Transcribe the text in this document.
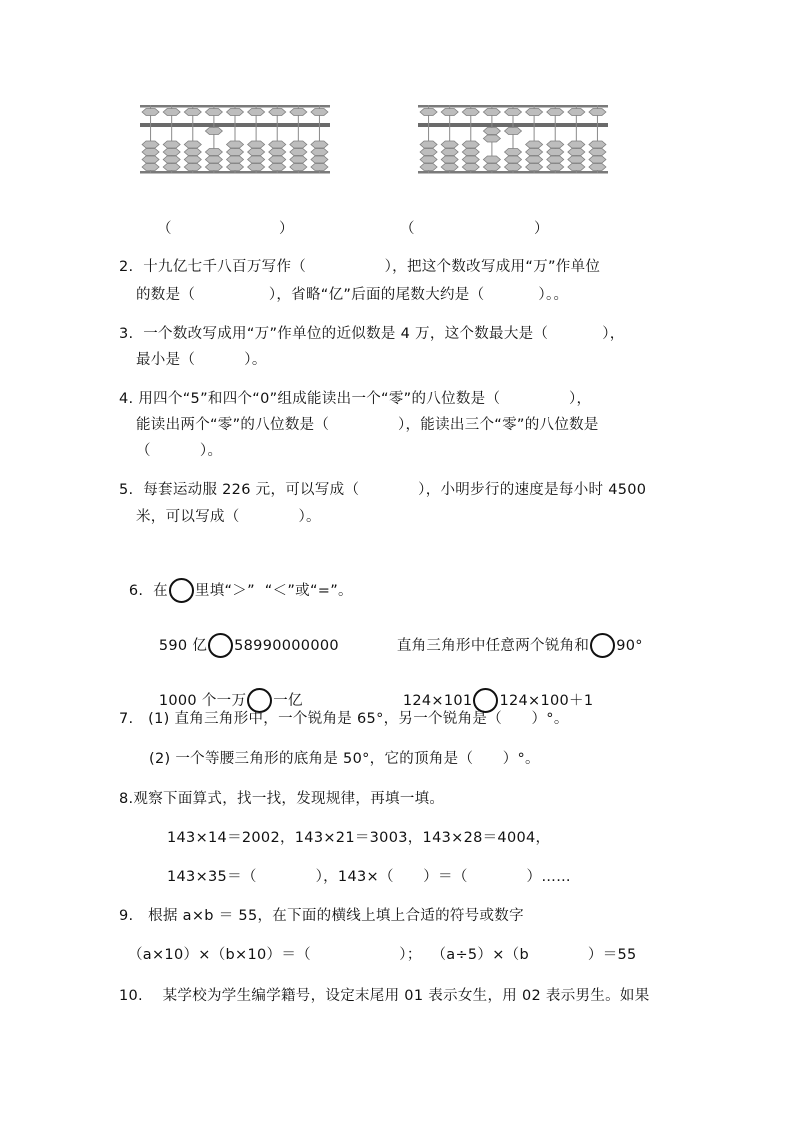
（	）	（	）
2.  十九亿七千八百万写作（                ），把这个数改写成用“万”作单位
的数是（               ），省略“亿”后面的尾数大约是（           ）。。
3.  一个数改写成用“万”作单位的近似数是 4 万，这个数最大是（           ），
最小是（          ）。
4. 用四个“5”和四个“0”组成能读出一个“零”的八位数是（              ），
能读出两个“零”的八位数是（              ），能读出三个“零”的八位数是
（          ）。
5.  每套运动服 226 元，可以写成（            ），小明步行的速度是每小时 4500
米，可以写成（            ）。

6.  在 里填“＞”  “＜”或“=”。

590 亿 58990000000	直角三角形中任意两个锐角和 90°

1000 个一万 一亿	124×101 124×100＋1

7.   (1) 直角三角形中，一个锐角是 65°，另一个锐角是（      ）°。
(2) 一个等腰三角形的底角是 50°，它的顶角是（      ）°。
8.观察下面算式，找一找，发现规律，再填一填。
143×14＝2002，143×21＝3003，143×28＝4004，
143×35＝（            ），143×（      ）＝（            ）……
9.   根据 a×b ＝ 55，在下面的横线上填上合适的符号或数字
（a×10）×（b×10）＝（                  ）；  （a÷5）×（b            ）＝55
10.    某学校为学生编学籍号，设定末尾用 01 表示女生，用 02 表示男生。如果
